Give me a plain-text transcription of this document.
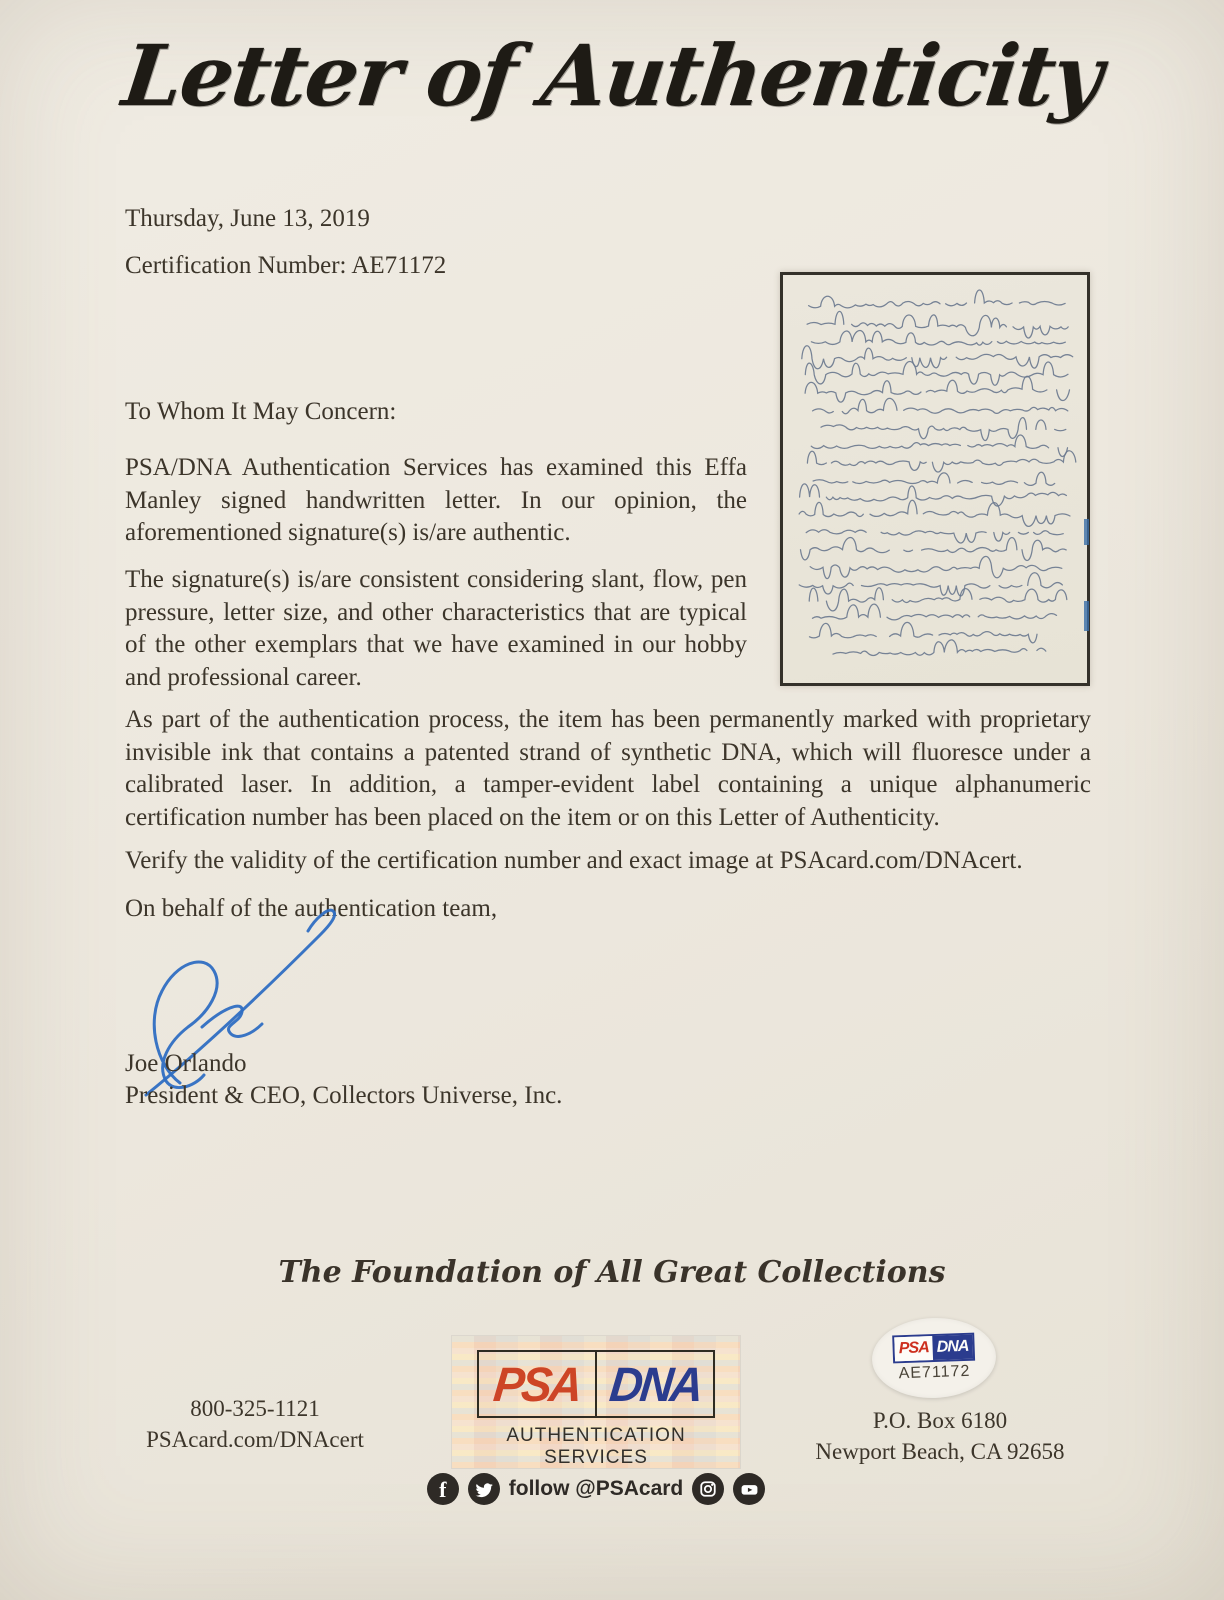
Letter of Authenticity
Thursday, June 13, 2019
Certification Number: AE71172
To Whom It May Concern:

PSA/DNA Authentication Services has examined this Effa Manley signed handwritten letter. In our opinion, the aforementioned signature(s) is/are authentic.

The signature(s) is/are consistent considering slant, flow, pen pressure, letter size, and other characteristics that are typical of the other exemplars that we have examined in our hobby and professional career.

As part of the authentication process, the item has been permanently marked with proprietary invisible ink that contains a patented strand of synthetic DNA, which will fluoresce under a calibrated laser. In addition, a tamper-evident label containing a unique alphanumeric certification number has been placed on the item or on this Letter of Authenticity.

Verify the validity of the certification number and exact image at PSAcard.com/DNAcert.

On behalf of the authentication team,

Joe Orlando
President & CEO, Collectors Universe, Inc.
The Foundation of All Great Collections
800-325-1121
PSAcard.com/DNAcert
PSA DNA
AUTHENTICATION SERVICES
f	follow @PSAcard
PSA DNA
AE71172
P.O. Box 6180
Newport Beach, CA 92658
